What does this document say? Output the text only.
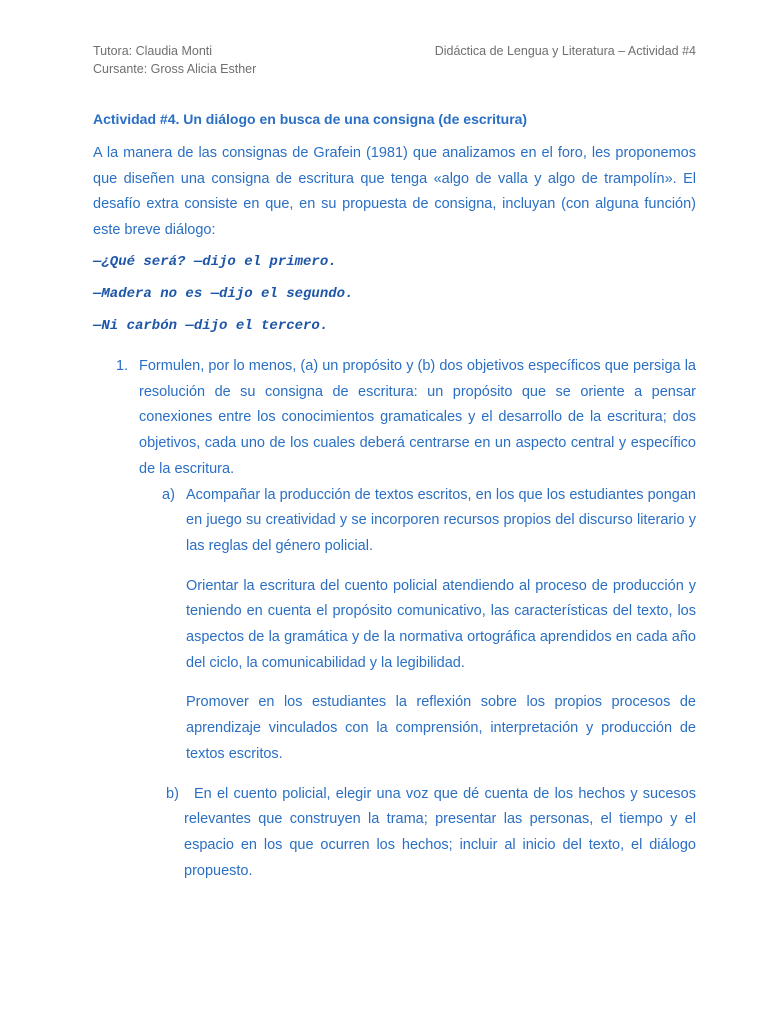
Tutora: Claudia Monti
Cursante: Gross Alicia Esther
Didáctica de Lengua y Literatura – Actividad #4
Actividad #4. Un diálogo en busca de una consigna (de escritura)
A la manera de las consignas de Grafein (1981) que analizamos en el foro, les proponemos que diseñen una consigna de escritura que tenga «algo de valla y algo de trampolín». El desafío extra consiste en que, en su propuesta de consigna, incluyan (con alguna función) este breve diálogo:
—¿Qué será? —dijo el primero.
—Madera no es —dijo el segundo.
—Ni carbón —dijo el tercero.
1. Formulen, por lo menos, (a) un propósito y (b) dos objetivos específicos que persiga la resolución de su consigna de escritura: un propósito que se oriente a pensar conexiones entre los conocimientos gramaticales y el desarrollo de la escritura; dos objetivos, cada uno de los cuales deberá centrarse en un aspecto central y específico de la escritura.
a) Acompañar la producción de textos escritos, en los que los estudiantes pongan en juego su creatividad y se incorporen recursos propios del discurso literario y las reglas del género policial.
Orientar la escritura del cuento policial atendiendo al proceso de producción y teniendo en cuenta el propósito comunicativo, las características del texto, los aspectos de la gramática y de la normativa ortográfica aprendidos en cada año del ciclo, la comunicabilidad y la legibilidad.
Promover en los estudiantes la reflexión sobre los propios procesos de aprendizaje vinculados con la comprensión, interpretación y producción de textos escritos.
b)	En el cuento policial, elegir una voz que dé cuenta de los hechos y sucesos relevantes que construyen la trama; presentar las personas, el tiempo y el espacio en los que ocurren los hechos; incluir al inicio del texto, el diálogo propuesto.
